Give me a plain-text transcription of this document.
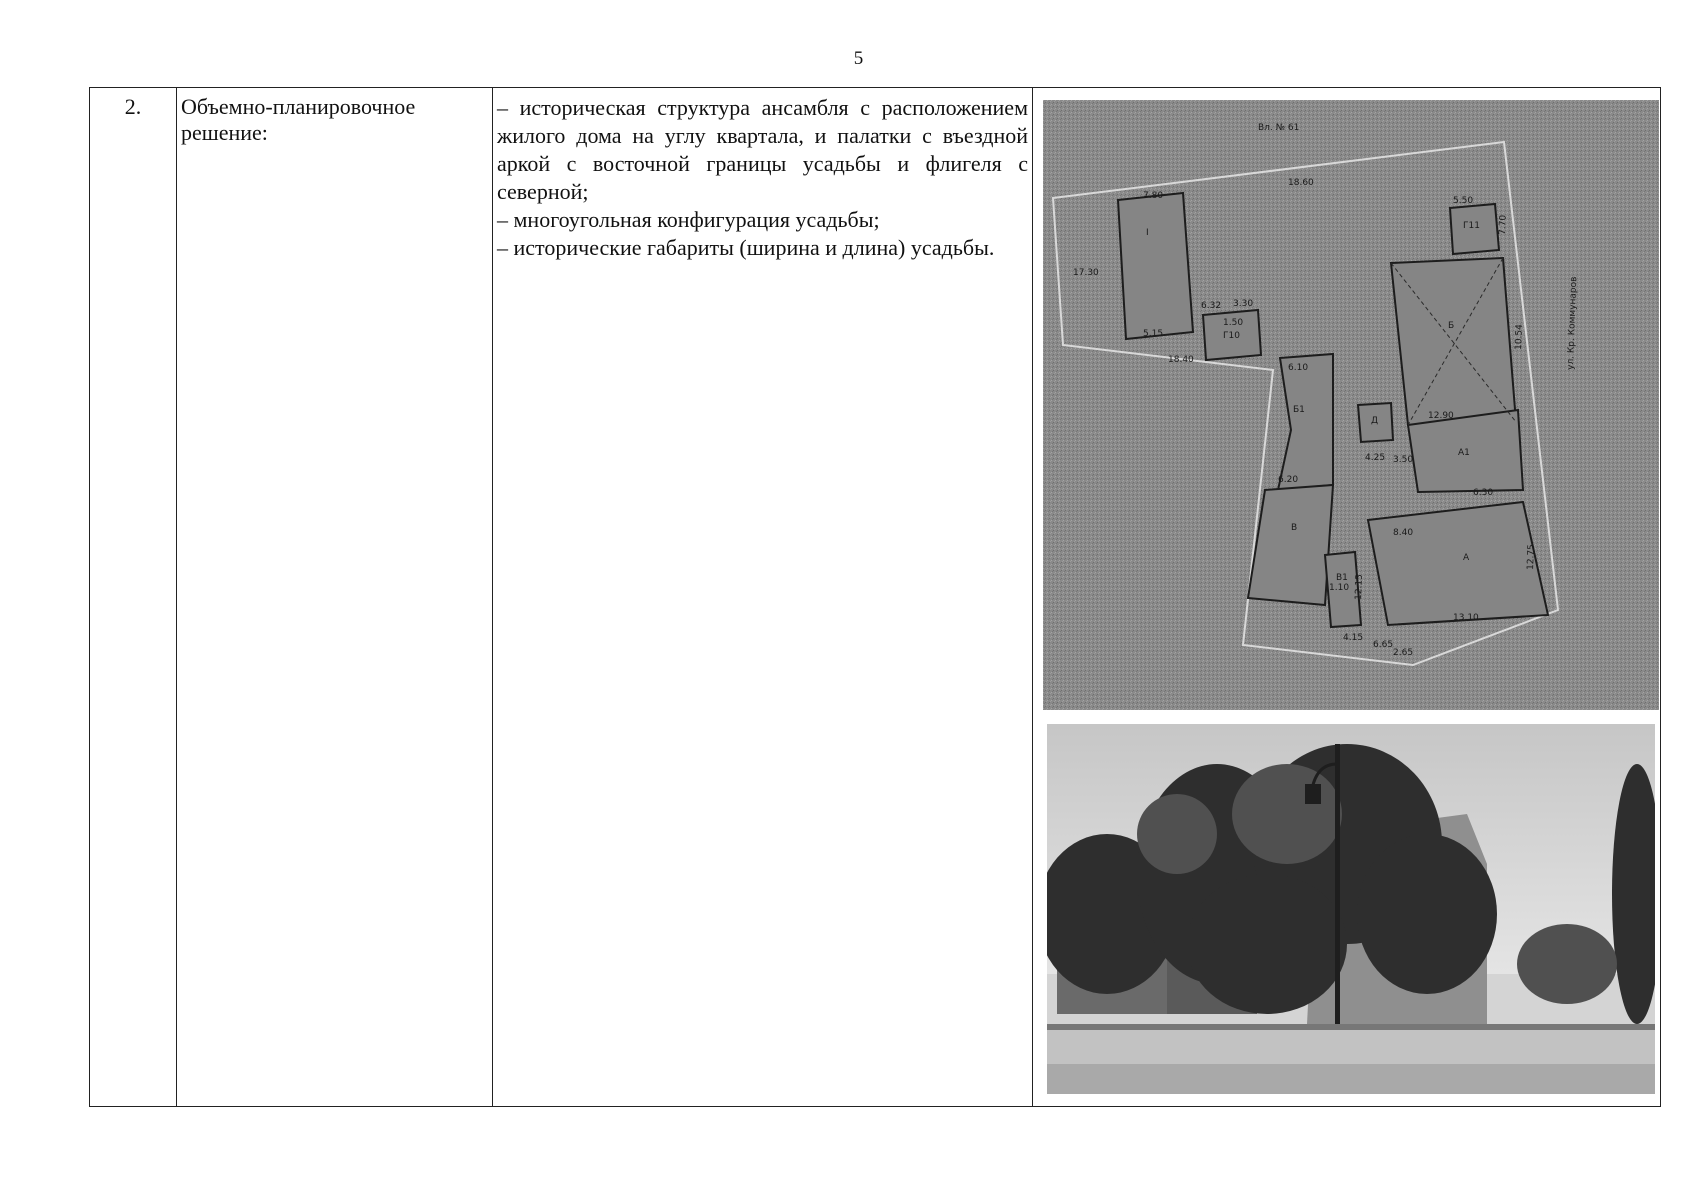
5
2.	Объемно-планировочное решение:	

– историческая структура ансамбля с расположением жилого дома на углу квартала, и палатки с въездной аркой с восточной границы усадьбы и флигеля с северной;

– многоугольная конфигурация усадьбы;

– исторические габариты (ширина и длина) усадьбы.

Вл. № 61
ул. Кр. Коммунаров
I
Б
Б1
В
В1
Г10
Г11
А
А1
Д
7.80
17.30
18.60
5.15
6.32 3.30
18.40
6.10
12.90
6.30
12.15
13.10
2.65
10.54
12.75
6.20
8.40
4.25 3.50
5.50
1.10
4.15
1.50
6.65
7.70
